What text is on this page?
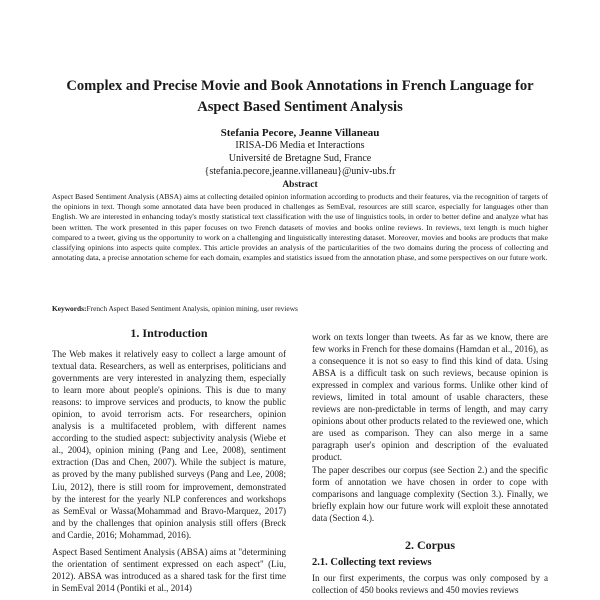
Complex and Precise Movie and Book Annotations in French Language for
Aspect Based Sentiment Analysis
Stefania Pecore, Jeanne Villaneau
IRISA-D6 Media et Interactions
Université de Bretagne Sud, France
{stefania.pecore,jeanne.villaneau}@univ-ubs.fr
Abstract

Aspect Based Sentiment Analysis (ABSA) aims at collecting detailed opinion information according to products and their features, via the recognition of targets of the opinions in text. Though some annotated data have been produced in challenges as SemEval, resources are still scarce, especially for languages other than English. We are interested in enhancing today's mostly statistical text classification with the use of linguistics tools, in order to better define and analyze what has been written. The work presented in this paper focuses on two French datasets of movies and books online reviews. In reviews, text length is much higher compared to a tweet, giving us the opportunity to work on a challenging and linguistically interesting dataset. Moreover, movies and books are products that make classifying opinions into aspects quite complex. This article provides an analysis of the particularities of the two domains during the process of collecting and annotating data, a precise annotation scheme for each domain, examples and statistics issued from the annotation phase, and some perspectives on our future work.

Keywords:French Aspect Based Sentiment Analysis, opinion mining, user reviews
1. Introduction

The Web makes it relatively easy to collect a large amount of textual data. Researchers, as well as enterprises, politicians and governments are very interested in analyzing them, especially to learn more about people's opinions. This is due to many reasons: to improve services and products, to know the public opinion, to avoid terrorism acts. For researchers, opinion analysis is a multifaceted problem, with different names according to the studied aspect: subjectivity analysis (Wiebe et al., 2004), opinion mining (Pang and Lee, 2008), sentiment extraction (Das and Chen, 2007). While the subject is mature, as proved by the many published surveys (Pang and Lee, 2008; Liu, 2012), there is still room for improvement, demonstrated by the interest for the yearly NLP conferences and workshops as SemEval or Wassa(Mohammad and Bravo-Marquez, 2017) and by the challenges that opinion analysis still offers (Breck and Cardie, 2016; Mohammad, 2016).

Aspect Based Sentiment Analysis (ABSA) aims at "determining the orientation of sentiment expressed on each aspect" (Liu, 2012). ABSA was introduced as a shared task for the first time in SemEval 2014 (Pontiki et al., 2014)

work on texts longer than tweets. As far as we know, there are few works in French for these domains (Hamdan et al., 2016), as a consequence it is not so easy to find this kind of data. Using ABSA is a difficult task on such reviews, because opinion is expressed in complex and various forms. Unlike other kind of reviews, limited in total amount of usable characters, these reviews are non-predictable in terms of length, and may carry opinions about other products related to the reviewed one, which are used as comparison. They can also merge in a same paragraph user's opinion and description of the evaluated product.

The paper describes our corpus (see Section 2.) and the specific form of annotation we have chosen in order to cope with comparisons and language complexity (Section 3.). Finally, we briefly explain how our future work will exploit these annotated data (Section 4.).

2. Corpus
2.1. Collecting text reviews

In our first experiments, the corpus was only composed by a collection of 450 books reviews and 450 movies reviews
